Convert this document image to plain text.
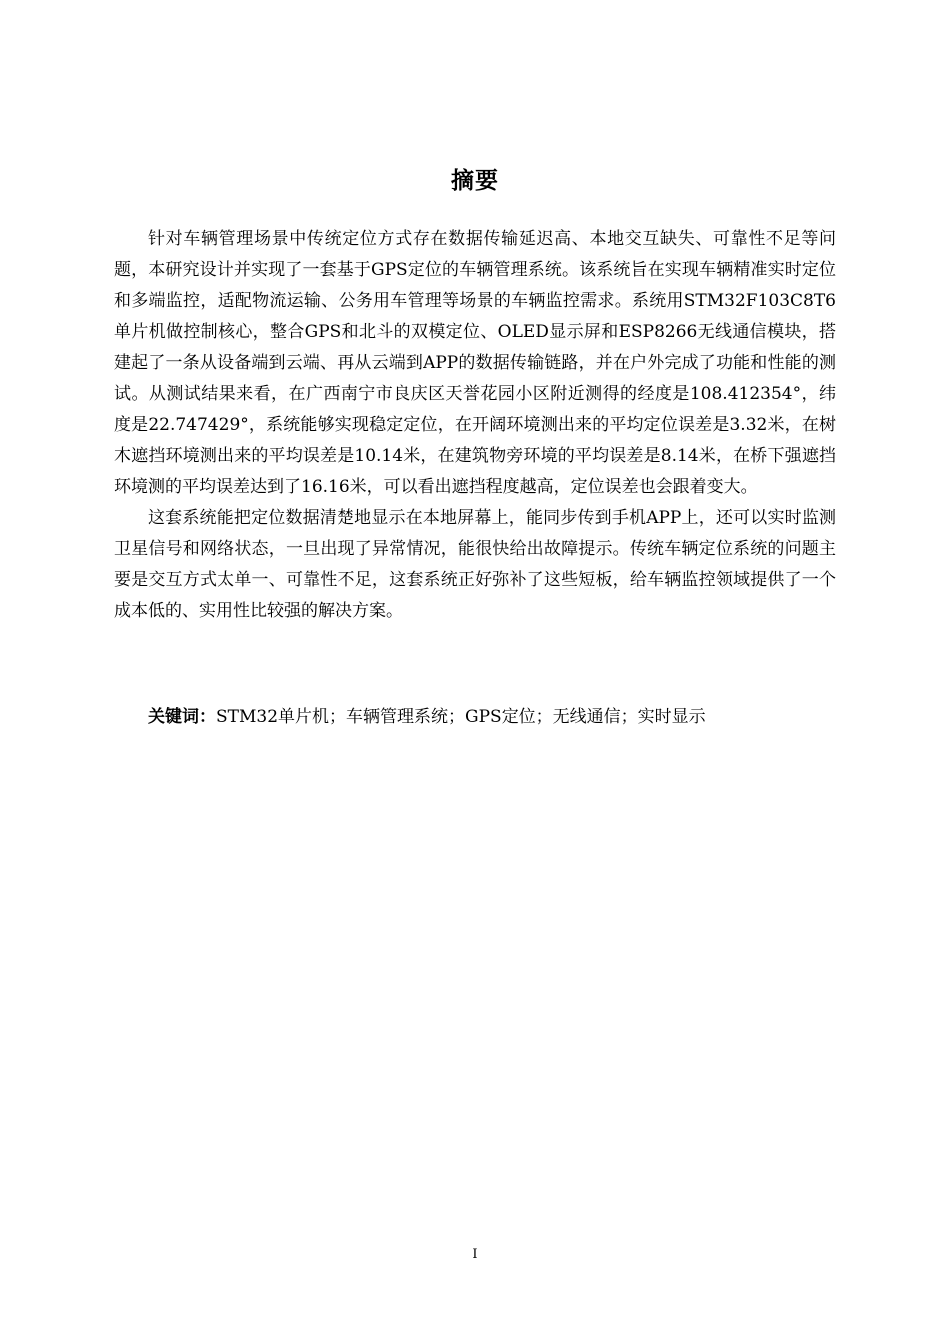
摘要

针对车辆管理场景中传统定位方式存在数据传输延迟高、本地交互缺失、可靠性不足等问题，本研究设计并实现了一套基于GPS定位的车辆管理系统。该系统旨在实现车辆精准实时定位和多端监控，适配物流运输、公务用车管理等场景的车辆监控需求。系统用STM32F103C8T6单片机做控制核心，整合GPS和北斗的双模定位、OLED显示屏和ESP8266无线通信模块，搭建起了一条从设备端到云端、再从云端到APP的数据传输链路，并在户外完成了功能和性能的测试。从测试结果来看，在广西南宁市良庆区天誉花园小区附近测得的经度是108.412354°，纬度是22.747429°，系统能够实现稳定定位，在开阔环境测出来的平均定位误差是3.32米，在树木遮挡环境测出来的平均误差是10.14米，在建筑物旁环境的平均误差是8.14米，在桥下强遮挡环境测的平均误差达到了16.16米，可以看出遮挡程度越高，定位误差也会跟着变大。

这套系统能把定位数据清楚地显示在本地屏幕上，能同步传到手机APP上，还可以实时监测卫星信号和网络状态，一旦出现了异常情况，能很快给出故障提示。传统车辆定位系统的问题主要是交互方式太单一、可靠性不足，这套系统正好弥补了这些短板，给车辆监控领域提供了一个成本低的、实用性比较强的解决方案。

关键词：STM32单片机；车辆管理系统；GPS定位；无线通信；实时显示
I
